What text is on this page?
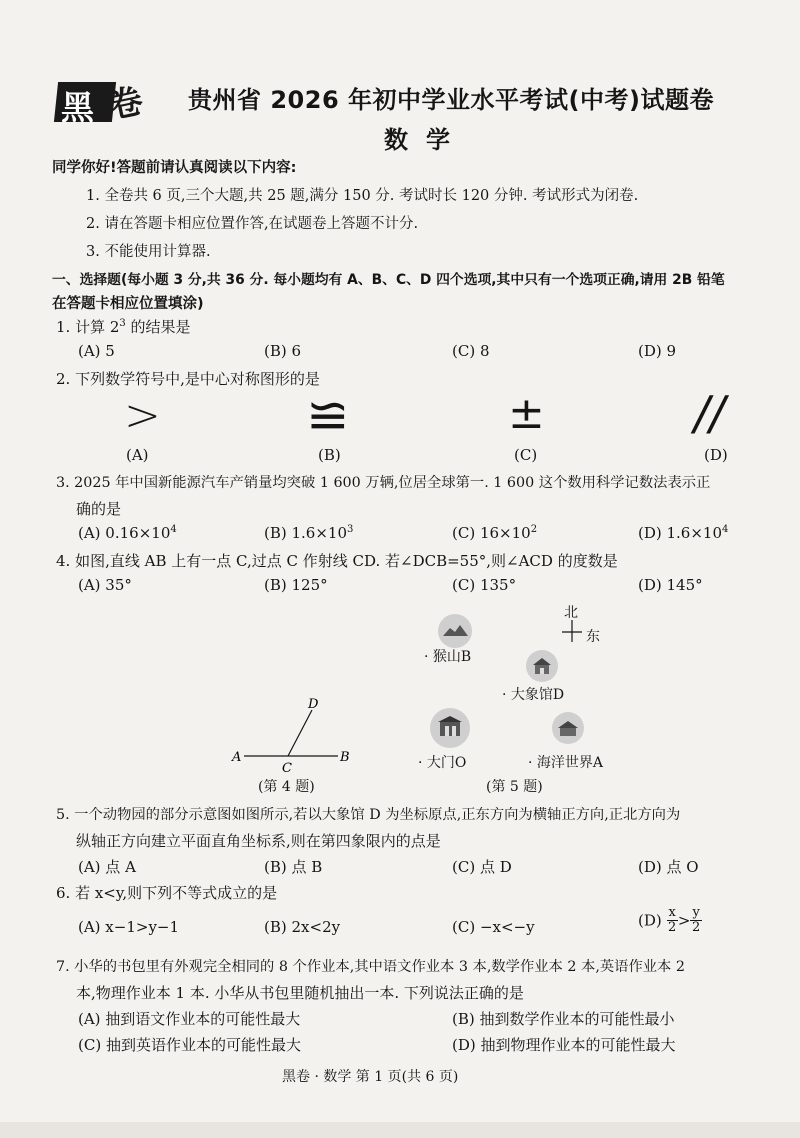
黑 卷 贵州省 2026 年初中学业水平考试(中考)试题卷
数学
同学你好!答题前请认真阅读以下内容:
1. 全卷共 6 页,三个大题,共 25 题,满分 150 分. 考试时长 120 分钟. 考试形式为闭卷.
2. 请在答题卡相应位置作答,在试题卷上答题不计分.
3. 不能使用计算器.
一、选择题(每小题 3 分,共 36 分. 每小题均有 A、B、C、D 四个选项,其中只有一个选项正确,请用 2B 铅笔
在答题卡相应位置填涂)
1. 计算 $2^3$ 的结果是
(A) 5	(B) 6	(C) 8	(D) 9
2. 下列数学符号中,是中心对称图形的是
>	≌	±	//
(A)	(B)	(C)	(D)
3. 2025 年中国新能源汽车产销量均突破 1 600 万辆,位居全球第一. 1 600 这个数用科学记数法表示正
确的是
(A) $0.16\times 10^4$	(B) $1.6\times 10^3$	(C) $16\times 10^2$	(D) $1.6\times 10^4$
4. 如图,直线 AB 上有一点 C,过点 C 作射线 CD. 若∠DCB=55°,则∠ACD 的度数是
(A) 35°	(B) 125°	(C) 135°	(D) 145°
A	B
C
D
(第 4 题)
北
东
· 猴山B
· 大象馆D
· 大门O	· 海洋世界A
(第 5 题)
5. 一个动物园的部分示意图如图所示,若以大象馆 D 为坐标原点,正东方向为横轴正方向,正北方向为
纵轴正方向建立平面直角坐标系,则在第四象限内的点是
(A) 点 A	(B) 点 B	(C) 点 D	(D) 点 O
6. 若 x<y,则下列不等式成立的是
(A) x−1>y−1	(B) 2x<2y	(C) −x<−y	$(D) \frac{x}{2} > \frac{y}{2}$
7. 小华的书包里有外观完全相同的 8 个作业本,其中语文作业本 3 本,数学作业本 2 本,英语作业本 2
本,物理作业本 1 本. 小华从书包里随机抽出一本. 下列说法正确的是
(A) 抽到语文作业本的可能性最大	(B) 抽到数学作业本的可能性最小
(C) 抽到英语作业本的可能性最大	(D) 抽到物理作业本的可能性最大
黑卷 · 数学 第 1 页(共 6 页)
